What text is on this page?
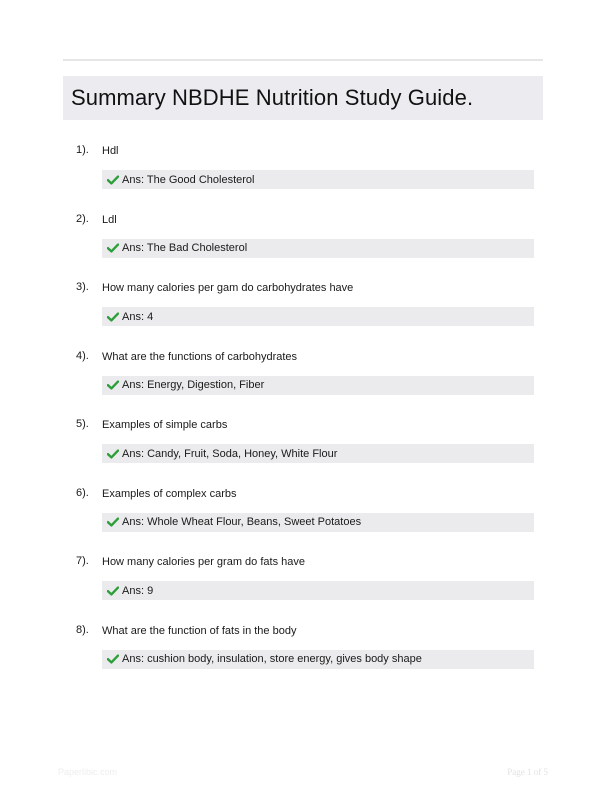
Summary NBDHE Nutrition Study Guide.
1). Hdl
Ans: The Good Cholesterol
2). Ldl
Ans: The Bad Cholesterol
3). How many calories per gam do carbohydrates have
Ans: 4
4). What are the functions of carbohydrates
Ans: Energy, Digestion, Fiber
5). Examples of simple carbs
Ans: Candy, Fruit, Soda, Honey, White Flour
6). Examples of complex carbs
Ans: Whole Wheat Flour, Beans, Sweet Potatoes
7). How many calories per gram do fats have
Ans: 9
8). What are the function of fats in the body
Ans: cushion body, insulation, store energy, gives body shape
Paperlibic.com	Page 1 of 5
